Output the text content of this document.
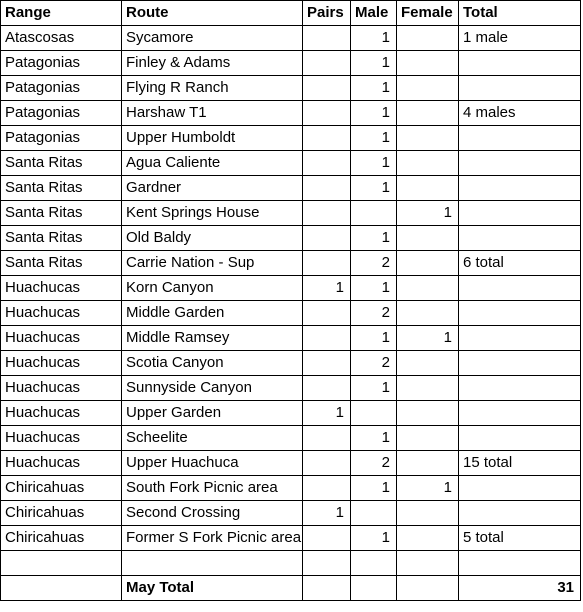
Range	Route	Pairs	Male	Female	Total
Atascosas	Sycamore		1		1 male
Patagonias	Finley & Adams		1		
Patagonias	Flying R Ranch		1		
Patagonias	Harshaw T1		1		4 males
Patagonias	Upper Humboldt		1		
Santa Ritas	Agua Caliente		1		
Santa Ritas	Gardner		1		
Santa Ritas	Kent Springs House			1	
Santa Ritas	Old Baldy		1		
Santa Ritas	Carrie Nation - Sup		2		6 total
Huachucas	Korn Canyon	1	1		
Huachucas	Middle Garden		2		
Huachucas	Middle Ramsey		1	1	
Huachucas	Scotia Canyon		2		
Huachucas	Sunnyside Canyon		1		
Huachucas	Upper Garden	1			
Huachucas	Scheelite		1		
Huachucas	Upper Huachuca		2		15 total
Chiricahuas	South Fork Picnic area		1	1	
Chiricahuas	Second Crossing	1			
Chiricahuas	Former S Fork Picnic area		1		5 total

	May Total				31
